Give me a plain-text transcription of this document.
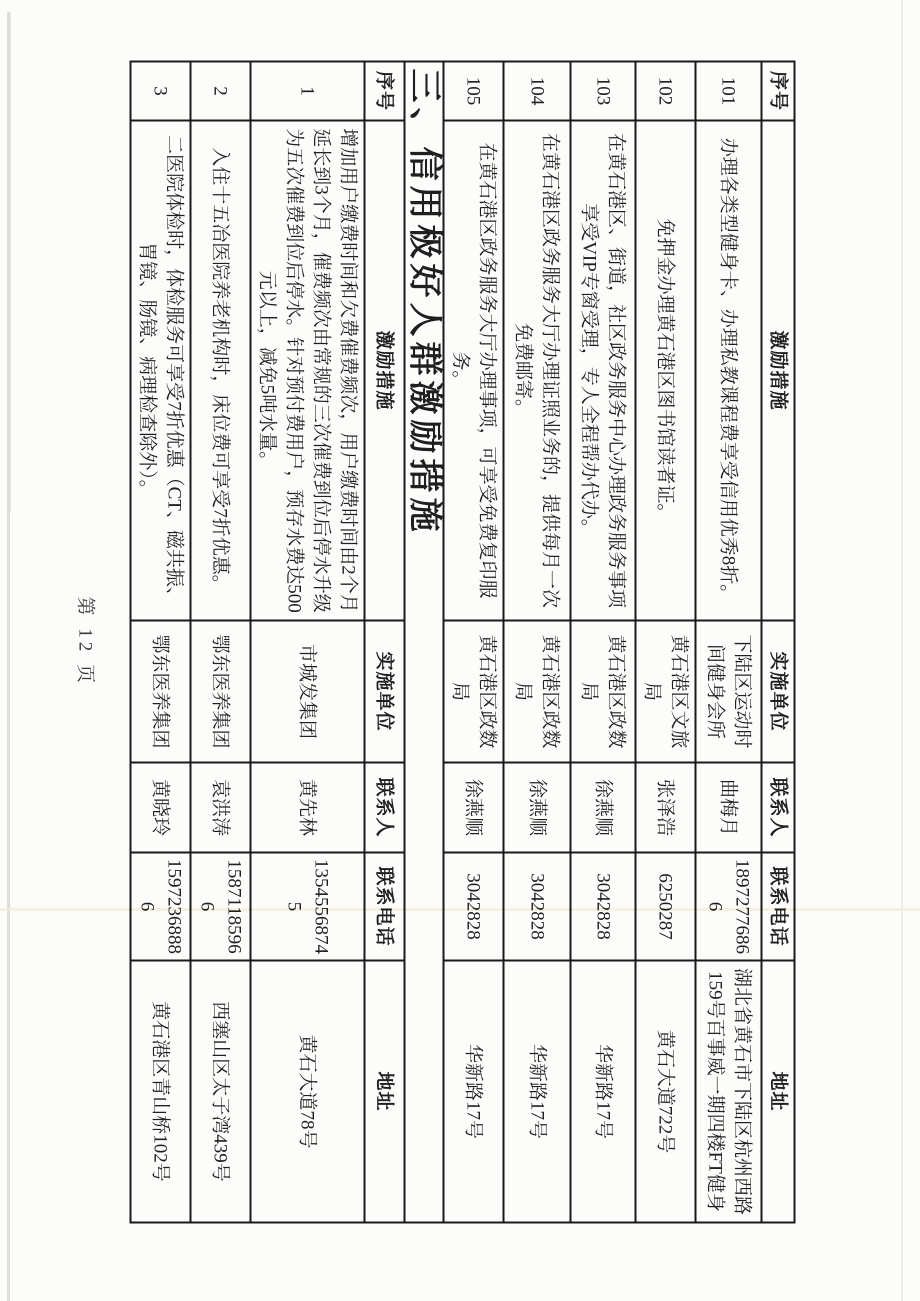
序号	激励措施	实施单位	联系人	联系电话	地址
101	办理各类型健身卡、办理私教课程费享受信用优秀8折。	下陆区运动时间健身会所	曲梅月	18972776866	湖北省黄石市下陆区杭州西路159号百事威一期四楼FT健身
102	免押金办理黄石港区图书馆读者证。	黄石港区文旅局	张泽浩	6250287	黄石大道722号
103	在黄石港区、街道，社区政务服务中心办理政务服务事项享受VIP专窗受理，专人全程帮办代办。	黄石港区政数局	徐燕顺	3042828	华新路17号
104	在黄石港区政务服务大厅办理证照业务的，提供每月一次免费邮寄。	黄石港区政数局	徐燕顺	3042828	华新路17号
105	在黄石港区政务服务大厅办理事项，可享受免费复印服务。	黄石港区政数局	徐燕顺	3042828	华新路17号
三、信用极好人群激励措施					
序号	激励措施	实施单位	联系人	联系电话	地址
1	增加用户缴费时间和欠费催费频次，用户缴费时间由2个月延长到3个月，催费频次由常规的三次催费到位后停水升级为五次催费到位后停水。针对预付费用户，预存水费达500元以上，减免5吨水量。	市城发集团	黄先林	13545568745	黄石大道78号
2	入住十五冶医院养老机构时，床位费可享受7折优惠。	鄂东医养集团	袁洪涛	15871185966	西塞山区太子湾439号
3	二医院体检时，体检服务可享受7折优惠（CT、磁共振、胃镜、肠镜、病理检查除外）。	鄂东医养集团	黄晓玲	15972368886	黄石港区青山桥102号
第 12 页
